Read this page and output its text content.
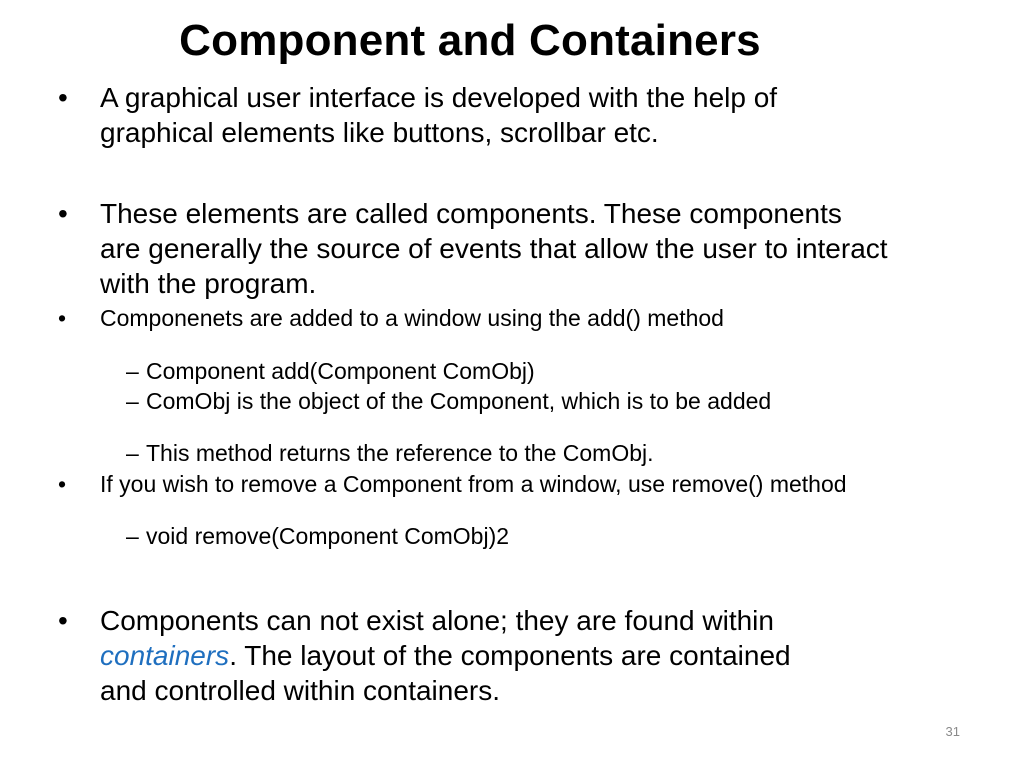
Component and Containers
•	A graphical user interface is developed with the help of graphical elements like buttons, scrollbar etc.
•	These elements are called components. These components are generally the source of events that allow the user to interact with the program.
•	Componenets are added to a window using the add() method
– Component add(Component ComObj)
– ComObj is the object of the Component, which is to be added
– This method returns the reference to the ComObj.
•	If you wish to remove a Component from a window, use remove() method
– void remove(Component ComObj)2
•	Components can not exist alone; they are found within containers. The layout of the components are contained and controlled within containers.
31
